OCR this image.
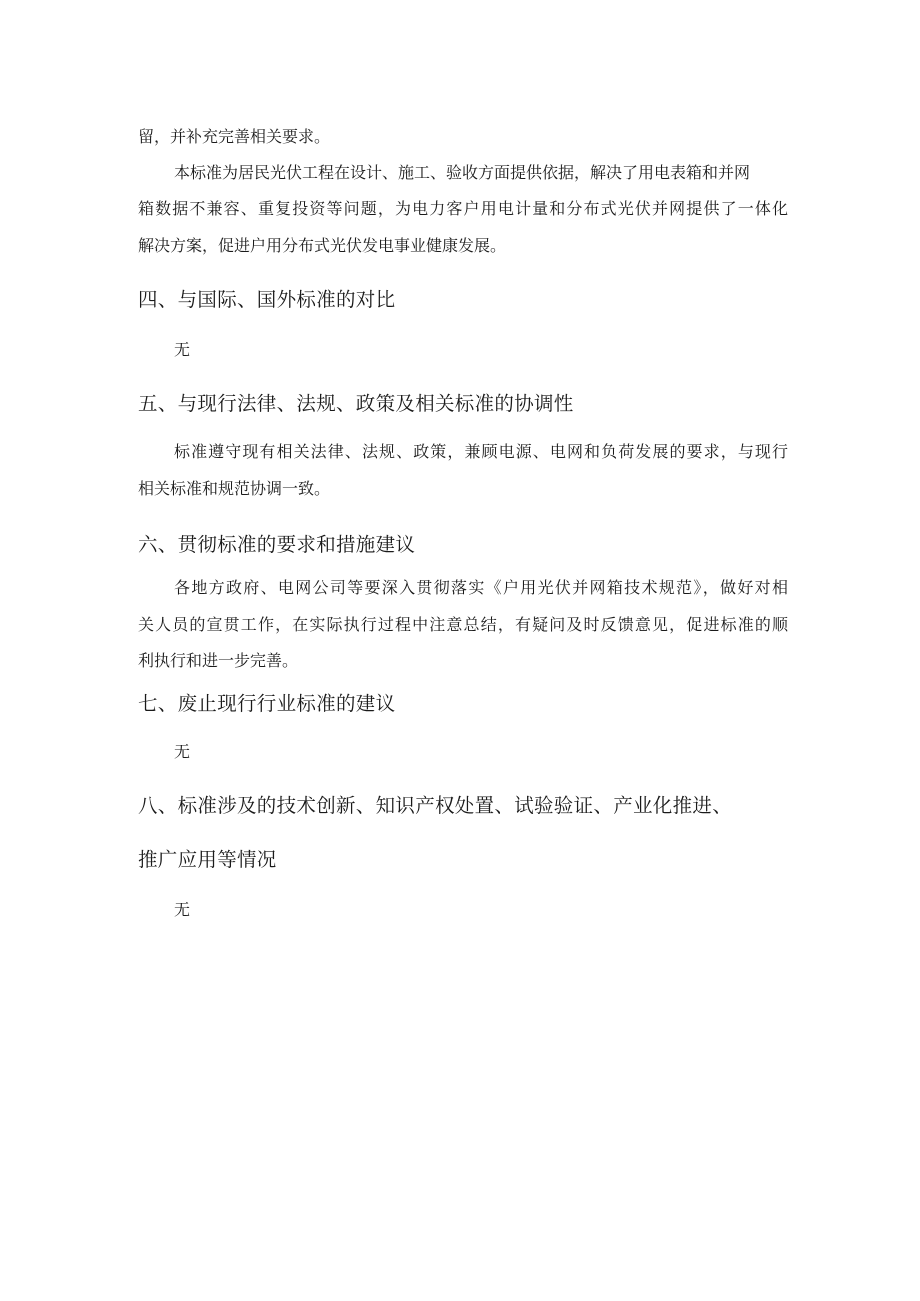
留，并补充完善相关要求。
本标准为居民光伏工程在设计、施工、验收方面提供依据，解决了用电表箱和并网
箱数据不兼容、重复投资等问题，为电力客户用电计量和分布式光伏并网提供了一体化
解决方案，促进户用分布式光伏发电事业健康发展。
四、与国际、国外标准的对比
无
五、与现行法律、法规、政策及相关标准的协调性
标准遵守现有相关法律、法规、政策，兼顾电源、电网和负荷发展的要求，与现行
相关标准和规范协调一致。
六、贯彻标准的要求和措施建议
各地方政府、电网公司等要深入贯彻落实《户用光伏并网箱技术规范》，做好对相
关人员的宣贯工作，在实际执行过程中注意总结，有疑问及时反馈意见，促进标准的顺
利执行和进一步完善。
七、废止现行行业标准的建议
无
八、标准涉及的技术创新、知识产权处置、试验验证、产业化推进、
推广应用等情况
无
